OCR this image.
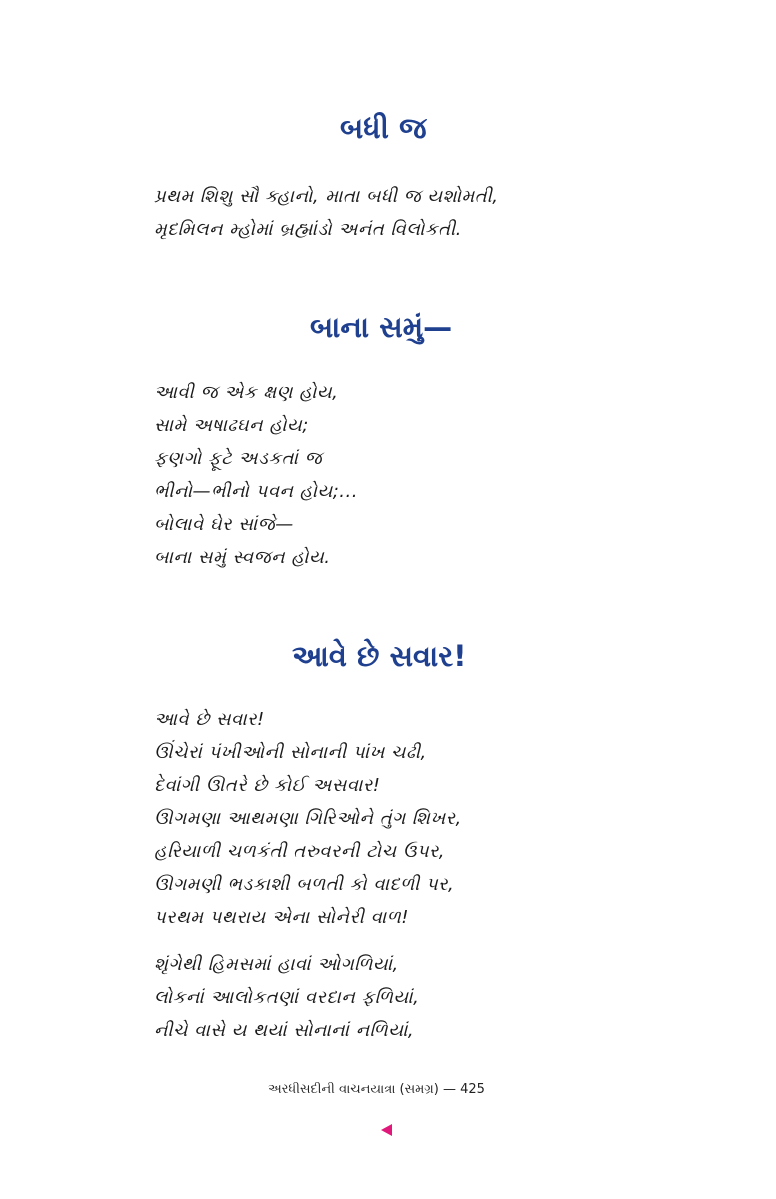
બધી જ
પ્રથમ શિશુ સૌ ક્હાનો, માતા બધી જ યશોમતી,
મૃદમિલન મ્હોમાં બ્રહ્માંડો અનંત વિલોકતી.
બાના સમું—
આવી જ એક ક્ષણ હોય,
સામે અષાઢઘન હોય;
ફણગો ફૂટે અડકતાં જ
ભીનો—ભીનો પવન હોય;...
બોલાવે ઘેર સાંજે—
બાના સમું સ્વજન હોય.
આવે છે સવાર!
આવે છે સવાર!
ઊંચેરાં પંખીઓની સોનાની પાંખ ચઢી,
દેવાંગી ઊતરે છે કોઈ અસવાર!
ઊગમણા આથમણા ગિરિઓને તુંગ શિખર,
હરિયાળી ચળકંતી તરુવરની ટોચ ઉપર,
ઊગમણી ભડકાશી બળતી કો વાદળી પર,
પરથમ પથરાય એના સોનેરી વાળ!
શૃંગેથી હિમસમાં હાવાં ઓગળિયાં,
લોકનાં આલોકતણાં વરદાન ફળિયાં,
નીચે વાસે ય થયાં સોનાનાં નળિયાં,
અરધીસદીની વાચનયાત્રા (સમગ્ર) — 425
